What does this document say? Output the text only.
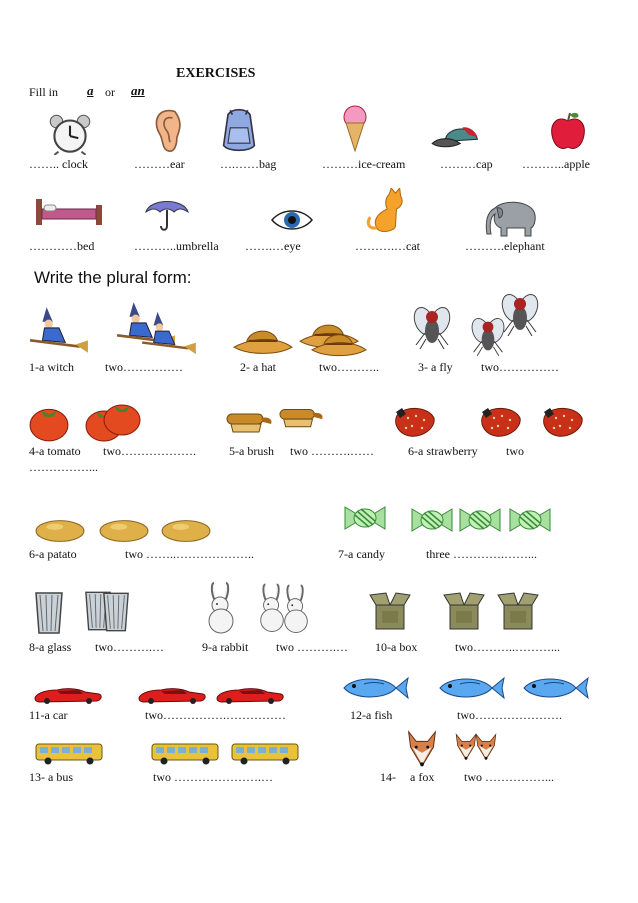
EXERCISES
Fill in a or an
…….. clock	………ear	….……bag	………ice-cream	………cap ………..apple
…………bed	………..umbrella …….…eye	……….…cat	……….elephant
Write the plural form:
1-a witch	two……………	2- a hat	two………..	3- a fly two……………
4-a tomato two……………….	5-a brush two ……….……	6-a strawberry two
……………...
6-a patato	two ……..………………..	7-a candy	three ………….……...
8-a glass two……….…	9-a rabbit two ……….… 10-a box	two………..………...
11-a car	two…………….……………	12-a fish	two………………….
13- a bus	two ………………….…	14- a fox two ……………...
